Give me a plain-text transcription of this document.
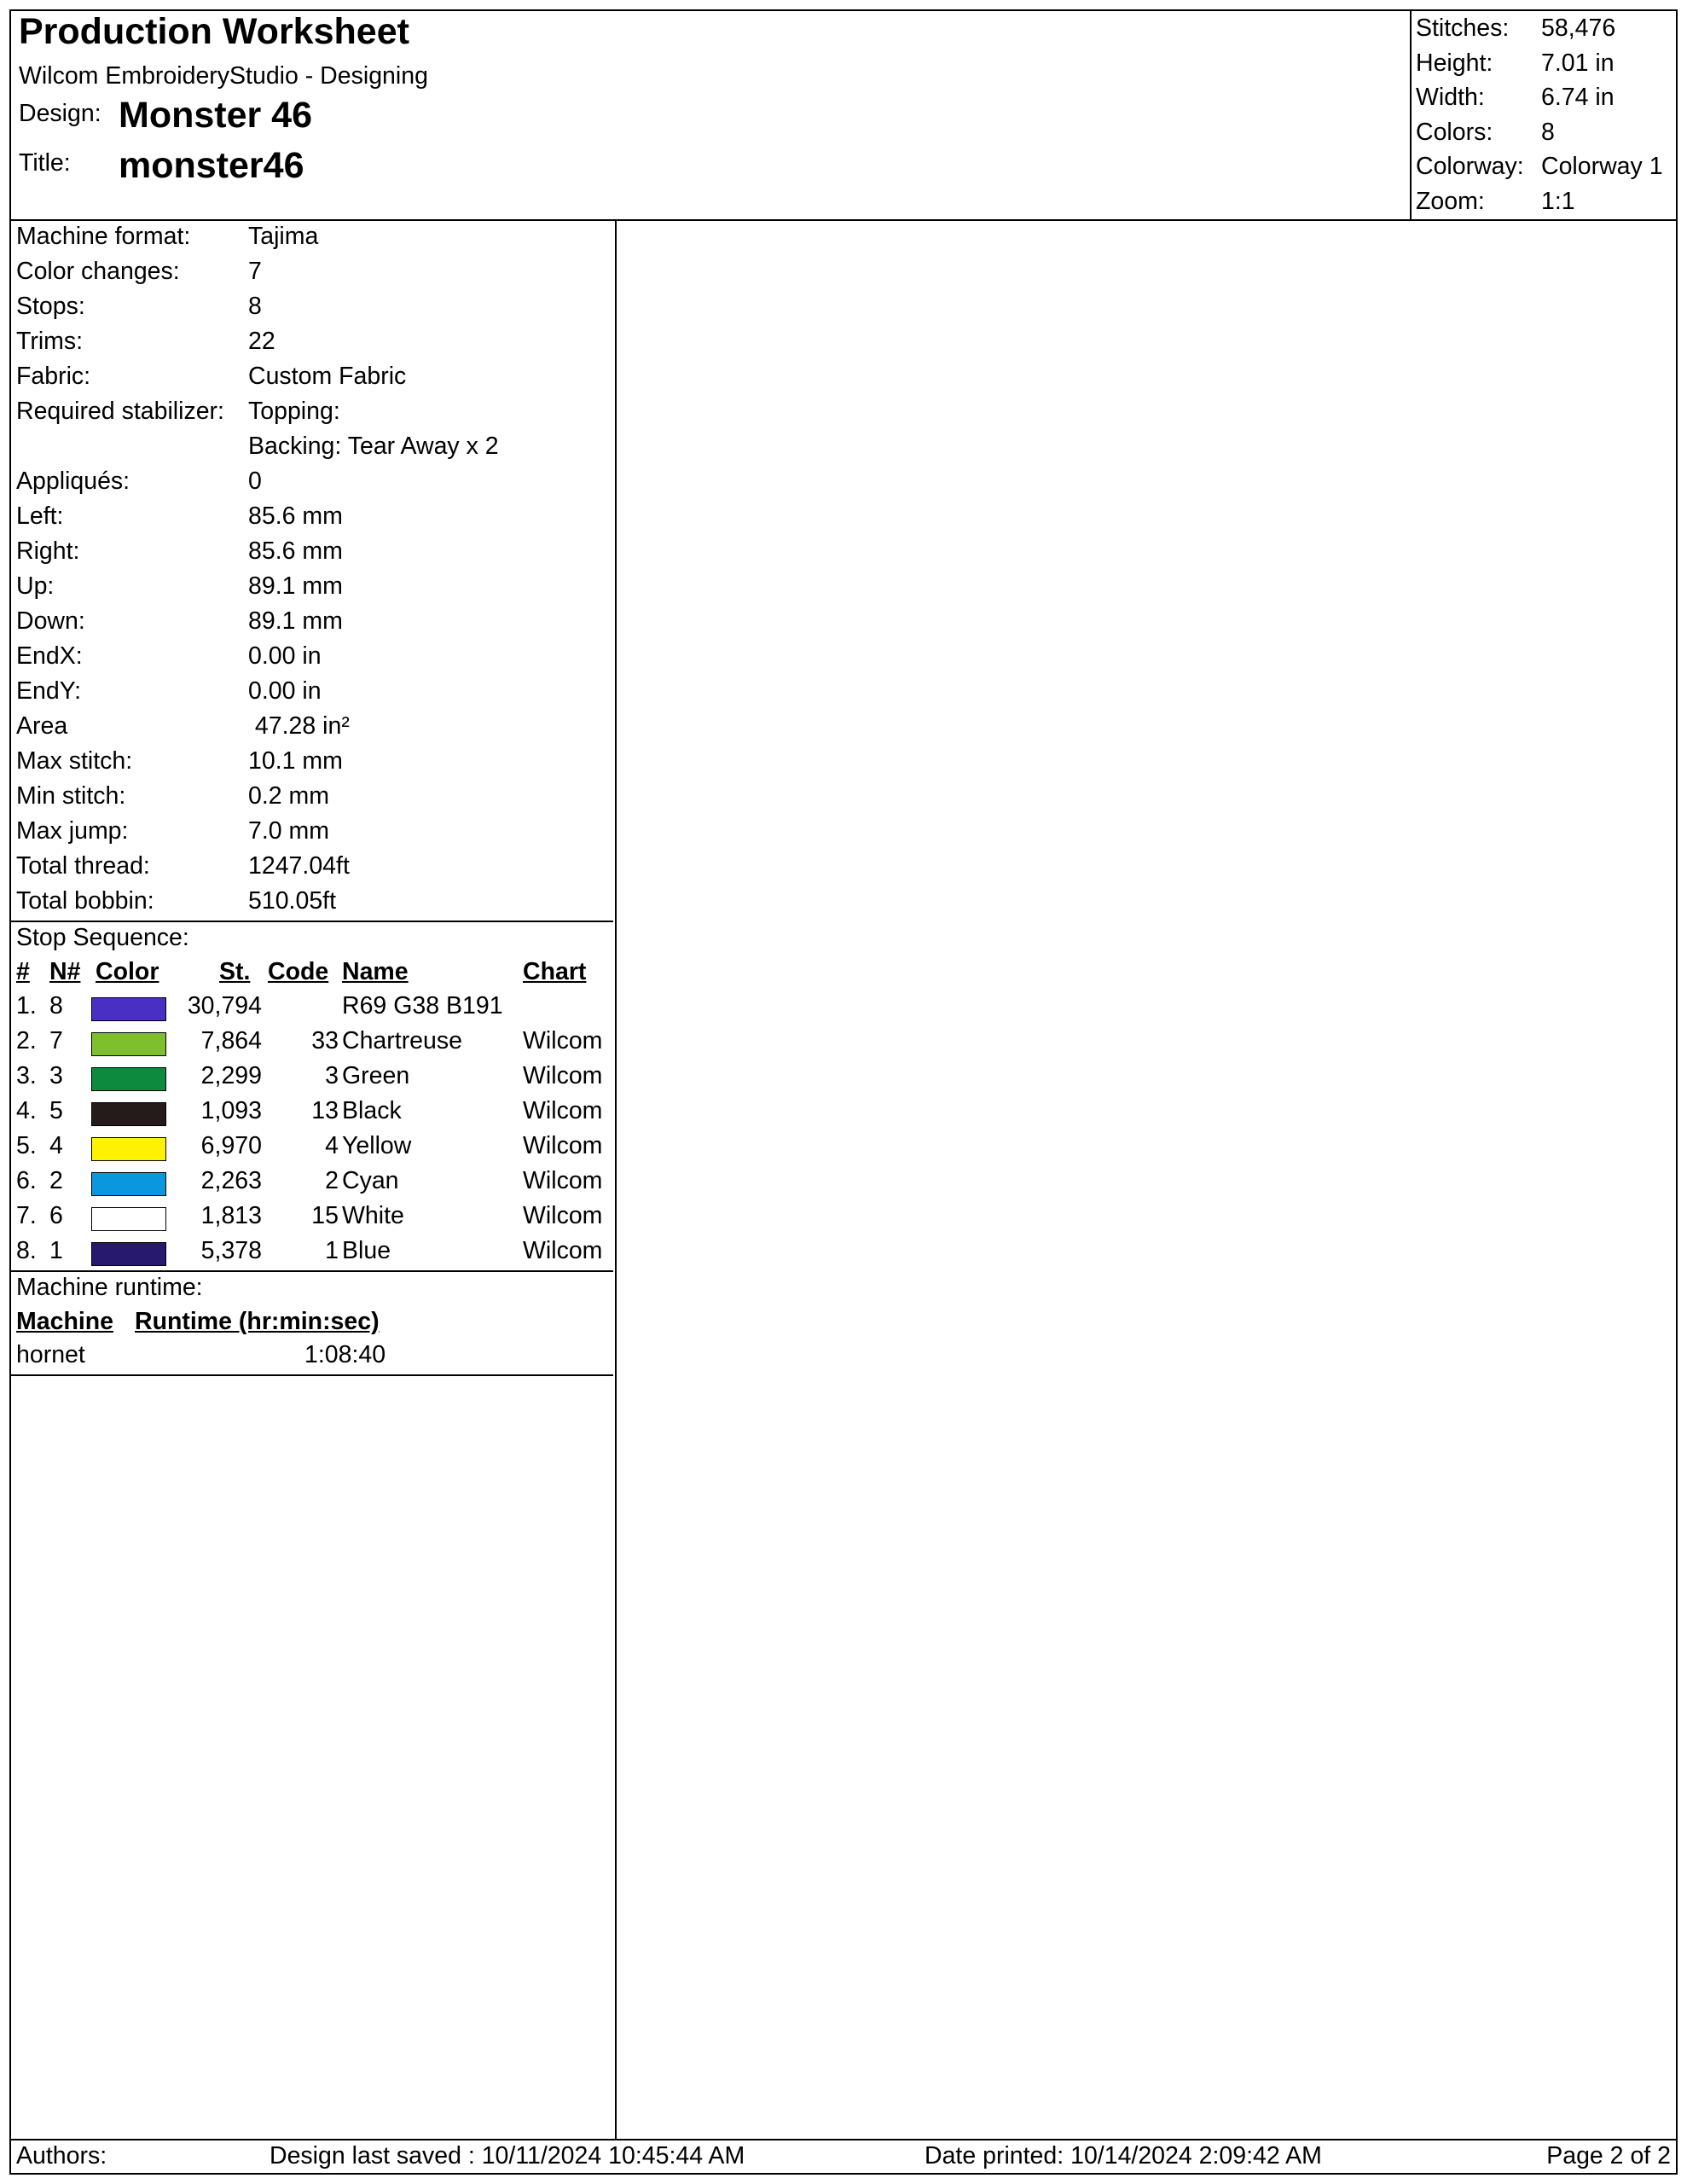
Production Worksheet
Wilcom EmbroideryStudio - Designing
Design: Monster 46
Title: monster46
Stitches: 58,476
Height: 7.01 in
Width: 6.74 in
Colors: 8
Colorway: Colorway 1
Zoom: 1:1
Machine format: Tajima
Color changes:	7
Stops:	8
Trims:	22
Fabric:	Custom Fabric
Required stabilizer: Topping:
Backing: Tear Away x 2
Appliqués:	0
Left:	85.6 mm
Right:	85.6 mm
Up:	89.1 mm
Down:	89.1 mm
EndX:	0.00 in
EndY:	0.00 in
Area	47.28 in²
Max stitch:	10.1 mm
Min stitch:	0.2 mm
Max jump:	7.0 mm
Total thread:	1247.04ft
Total bobbin:	510.05ft
Stop Sequence:
# N# Color St. Code Name	Chart
1. 8	30,794	R69 G38 B191
2. 7	7,864	33 Chartreuse Wilcom
3. 3	2,299	3 Green	Wilcom
4. 5	1,093	13 Black	Wilcom
5. 4	6,970	4 Yellow	Wilcom
6. 2	2,263	2 Cyan	Wilcom
7. 6	1,813	15 White	Wilcom
8. 1	5,378	1 Blue	Wilcom
Machine runtime:
Machine Runtime (hr:min:sec)
hornet	1:08:40
Authors:	Design last saved : 10/11/2024 10:45:44 AM	Date printed: 10/14/2024 2:09:42 AM	Page 2 of 2
